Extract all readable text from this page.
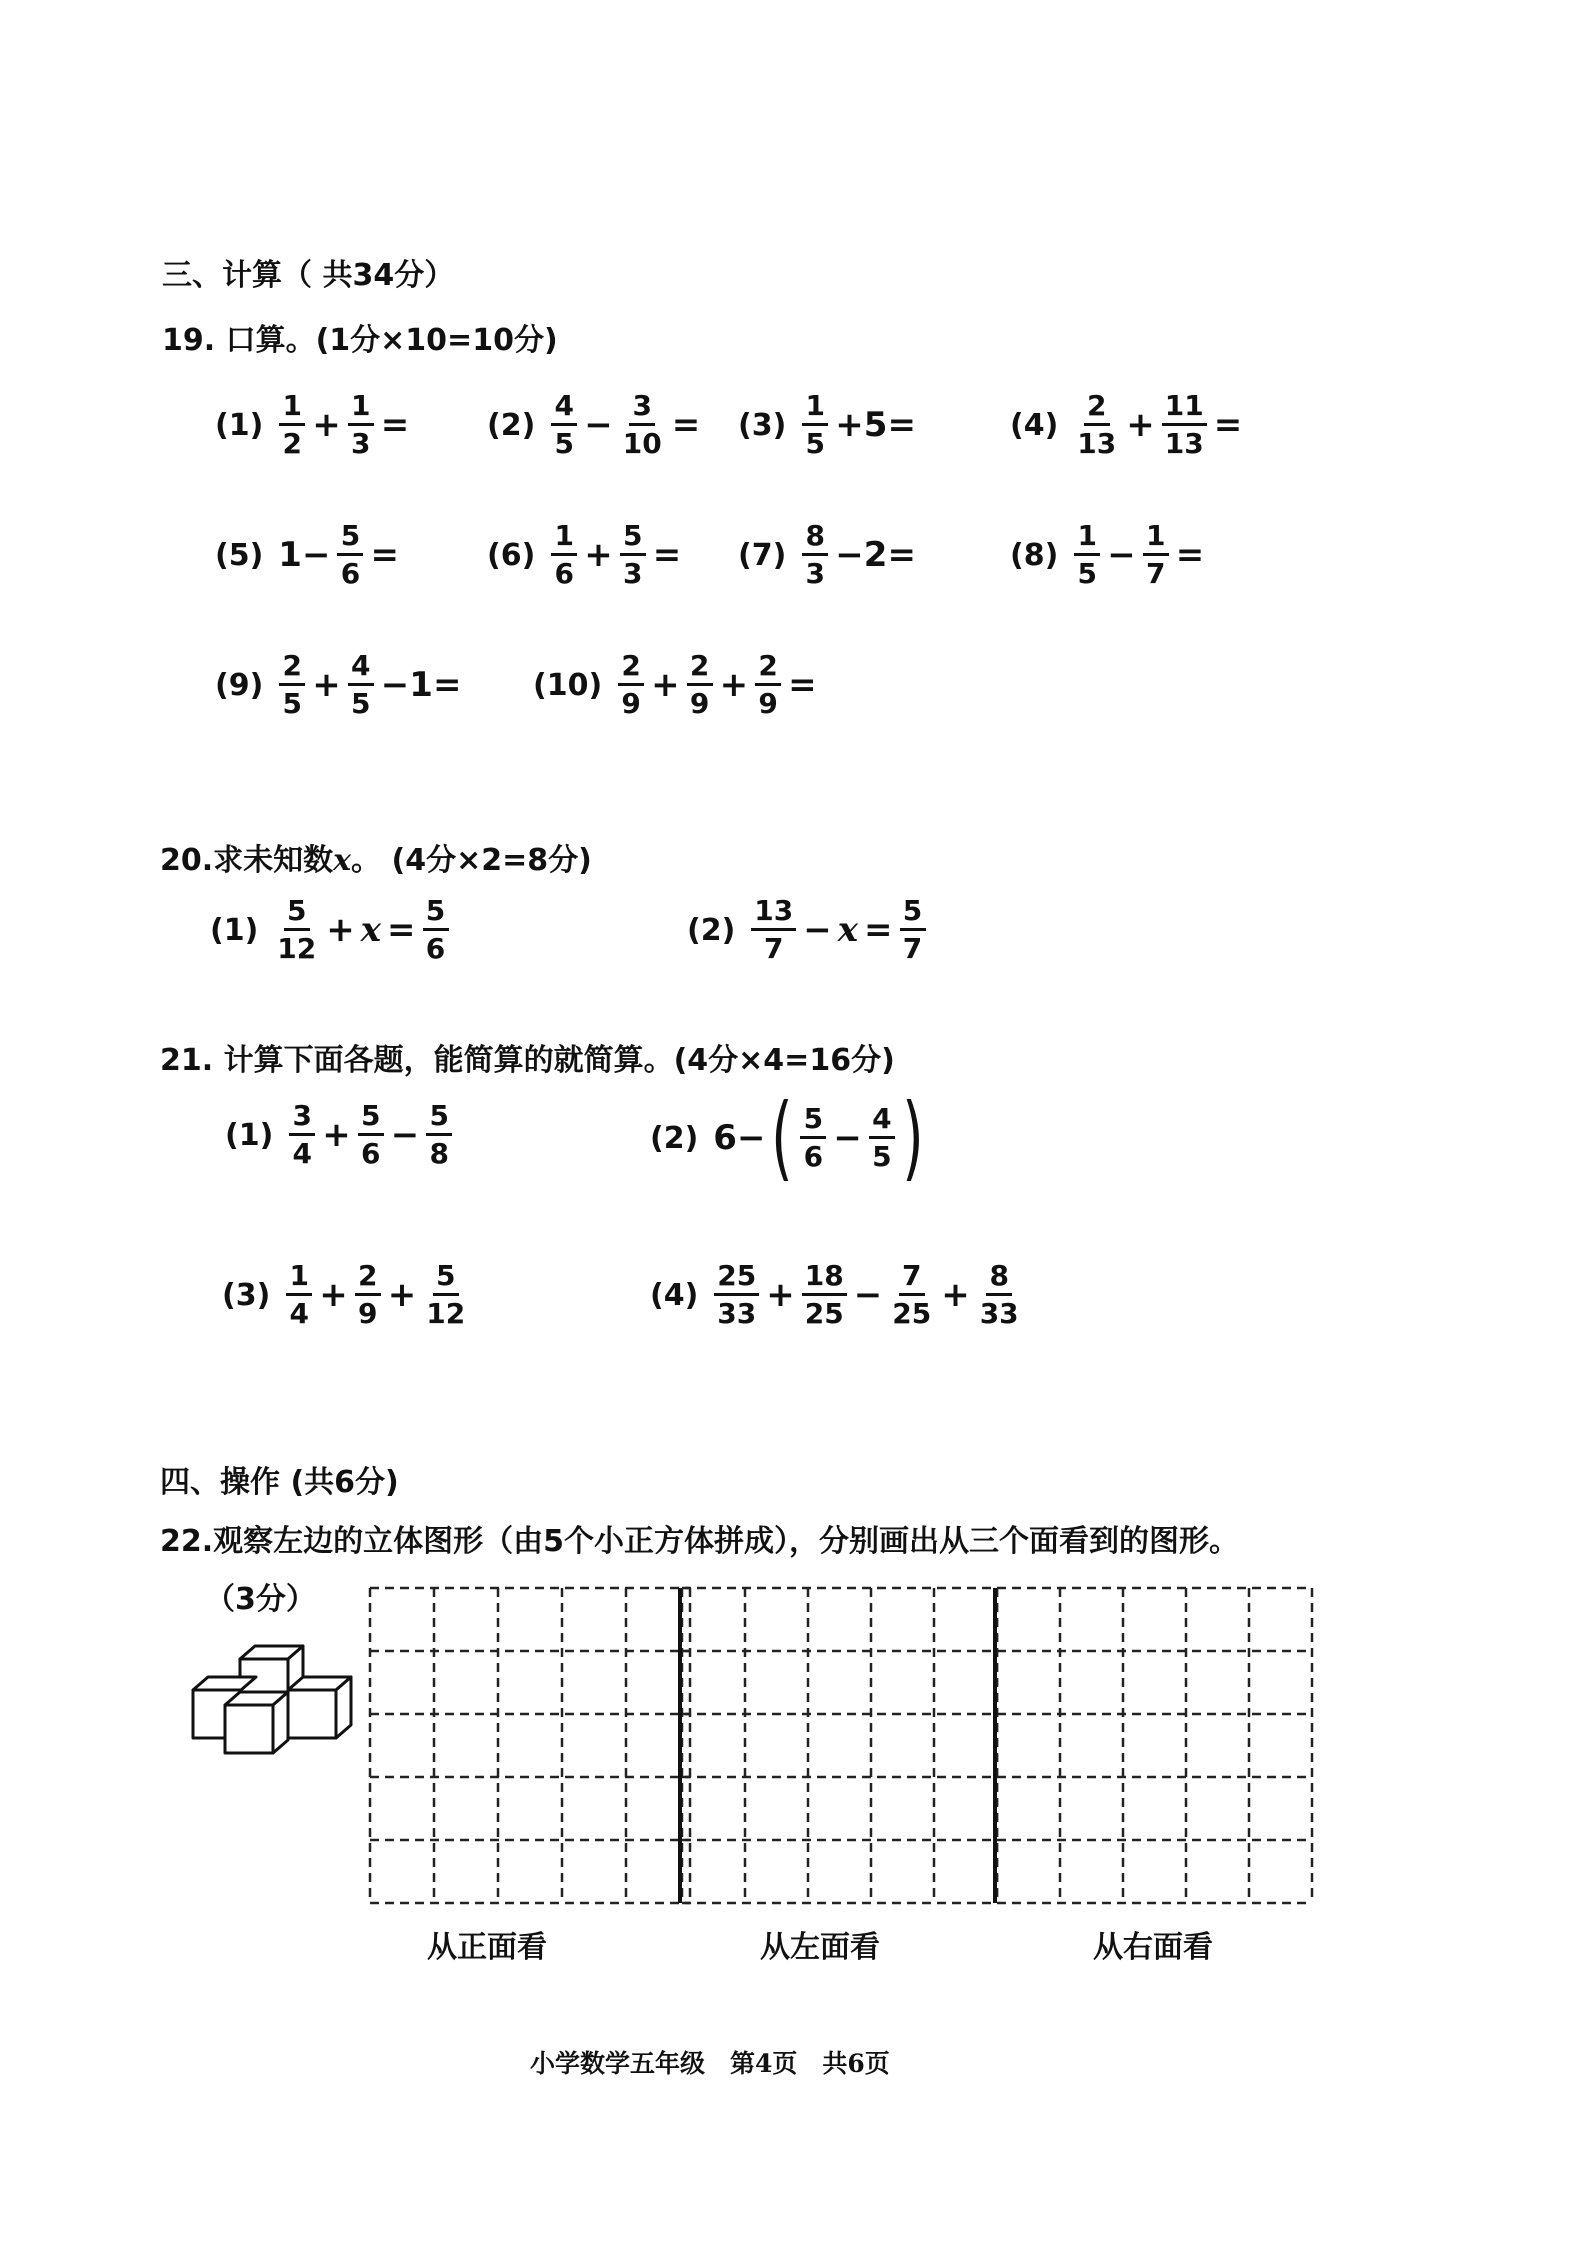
三、计算（ 共34分）
19. 口算。(1分×10=10分)
20.求未知数x。 (4分×2=8分)
21. 计算下面各题，能简算的就简算。(4分×4=16分)
四、操作 (共6分)
22.观察左边的立体图形（由5个小正方体拼成），分别画出从三个面看到的图形。
（3分）
从正面看	从左面看	从右面看
小学数学五年级　第4页　共6页
$(1) \frac{1}{2} + \frac{1}{3}$ =	$(2) \frac{4}{5} - \frac{3}{10} = (3) \frac{1}{5} +5=$	$(4) \frac{2}{13} + \frac{11}{13}$ =
(5) $1- \frac{5}{6}$ =	$(6) \frac{1}{6} + \frac{5}{3} = (7) \frac{8}{3} -2=$	$(8) \frac{1}{5} - \frac{1}{7}$ =
$(9) \frac{2}{5} + \frac{4}{5} -1= (10) \frac{2}{9} + \frac{2}{9} + \frac{2}{9}$ =
$(1) \frac{5}{12} + x = \frac{5}{6}$	$(2) \frac{13}{7} - x = \frac{5}{7}$
$(1) \frac{3}{4} + \frac{5}{6} - \frac{5}{8}$	(2) 6− ( $\frac{5}{6} - \frac{4}{5}$ )
$(3) \frac{1}{4} + \frac{2}{9} + \frac{5}{12}$	$(4) \frac{25}{33} + \frac{18}{25} - \frac{7}{25} + \frac{8}{33}$
